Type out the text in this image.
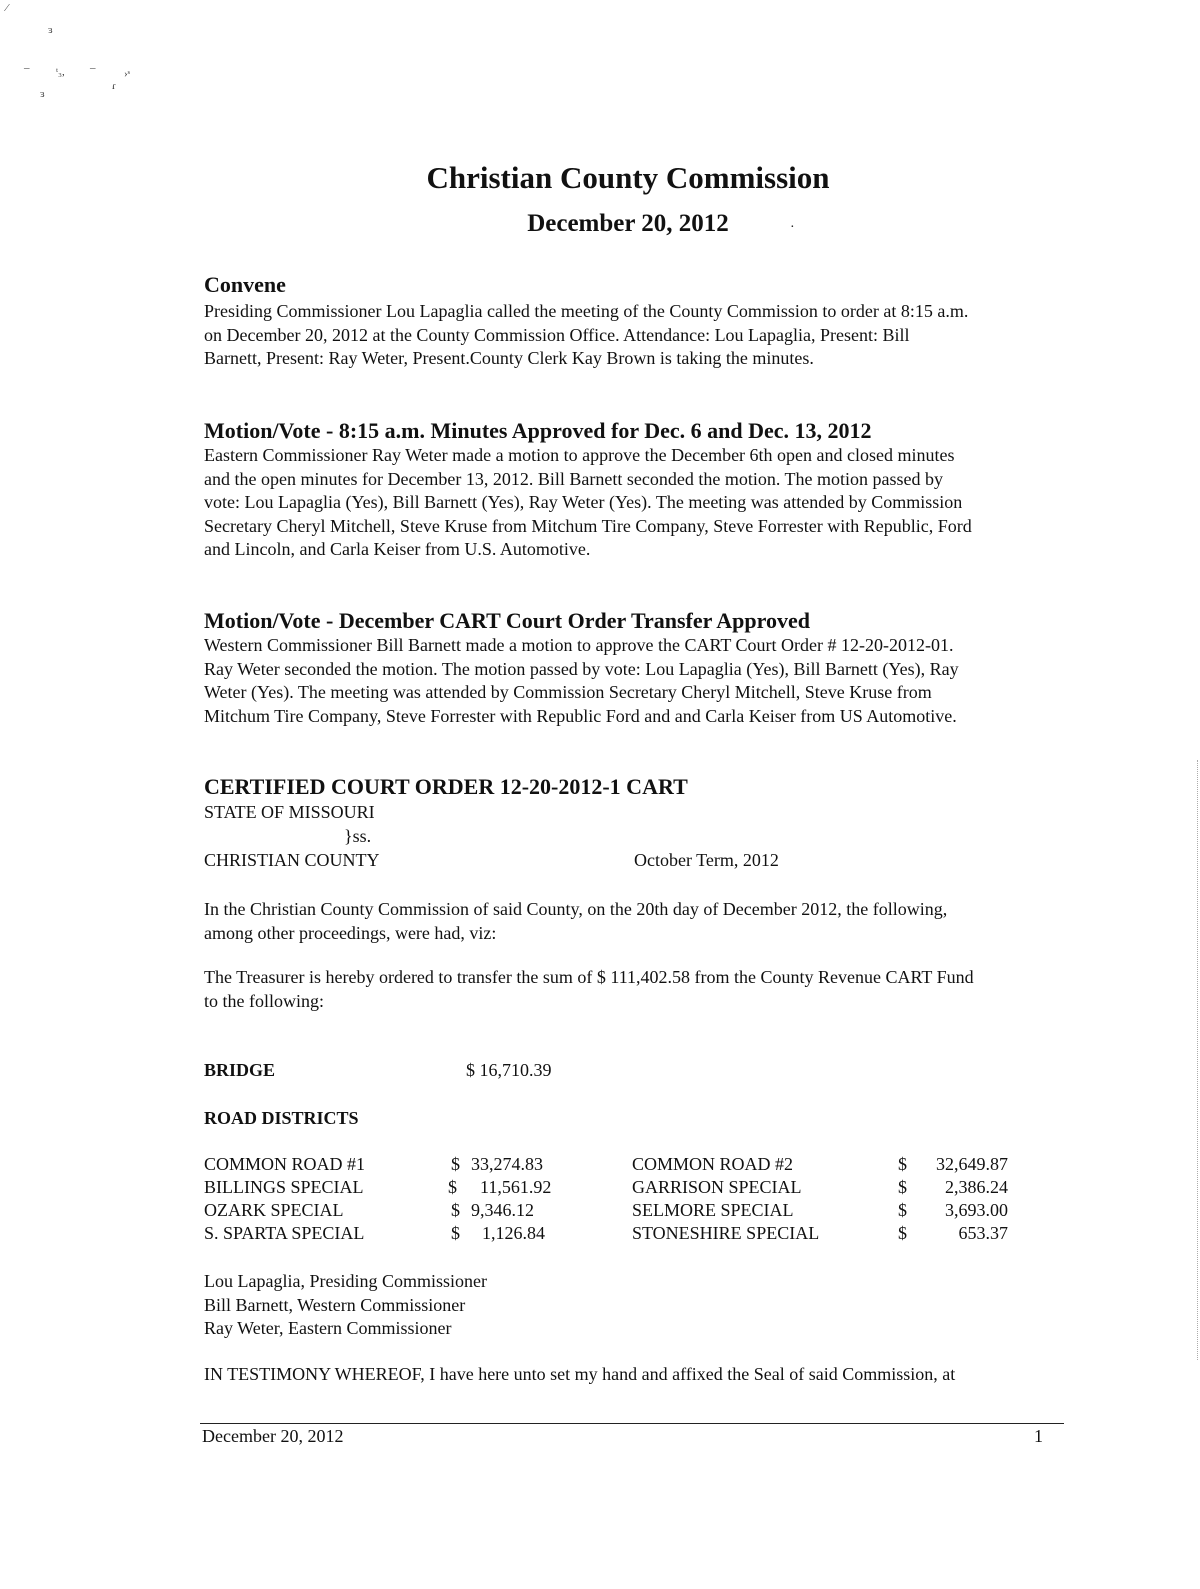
⁄
ɜ
– ᵗ₃, –	›ˢ
ɾ
ɜ
Christian County Commission
December 20, 2012	·
Convene
Presiding Commissioner Lou Lapaglia called the meeting of the County Commission to order at 8:15 a.m.
on December 20, 2012 at the County Commission Office. Attendance: Lou Lapaglia, Present: Bill
Barnett, Present: Ray Weter, Present.County Clerk Kay Brown is taking the minutes.
Motion/Vote - 8:15 a.m. Minutes Approved for Dec. 6 and Dec. 13, 2012
Eastern Commissioner Ray Weter made a motion to approve the December 6th open and closed minutes
and the open minutes for December 13, 2012. Bill Barnett seconded the motion. The motion passed by
vote: Lou Lapaglia (Yes), Bill Barnett (Yes), Ray Weter (Yes). The meeting was attended by Commission
Secretary Cheryl Mitchell, Steve Kruse from Mitchum Tire Company, Steve Forrester with Republic, Ford
and Lincoln, and Carla Keiser from U.S. Automotive.
Motion/Vote - December CART Court Order Transfer Approved
Western Commissioner Bill Barnett made a motion to approve the CART Court Order # 12-20-2012-01.
Ray Weter seconded the motion. The motion passed by vote: Lou Lapaglia (Yes), Bill Barnett (Yes), Ray
Weter (Yes). The meeting was attended by Commission Secretary Cheryl Mitchell, Steve Kruse from
Mitchum Tire Company, Steve Forrester with Republic Ford and and Carla Keiser from US Automotive.
CERTIFIED COURT ORDER 12-20-2012-1 CART
STATE OF MISSOURI
}ss.
CHRISTIAN COUNTY	October Term, 2012
In the Christian County Commission of said County, on the 20th day of December 2012, the following,
among other proceedings, were had, viz:
The Treasurer is hereby ordered to transfer the sum of $ 111,402.58 from the County Revenue CART Fund
to the following:
BRIDGE	$ 16,710.39
ROAD DISTRICTS
COMMON ROAD #1	$ 33,274.83	COMMON ROAD #2	$	32,649.87
BILLINGS SPECIAL	$ 11,561.92	GARRISON SPECIAL	$	2,386.24
OZARK SPECIAL	$ 9,346.12	SELMORE SPECIAL	$	3,693.00
S. SPARTA SPECIAL	$ 1,126.84	STONESHIRE SPECIAL	$	653.37
Lou Lapaglia, Presiding Commissioner
Bill Barnett, Western Commissioner
Ray Weter, Eastern Commissioner
IN TESTIMONY WHEREOF, I have here unto set my hand and affixed the Seal of said Commission, at
December 20, 2012	1
